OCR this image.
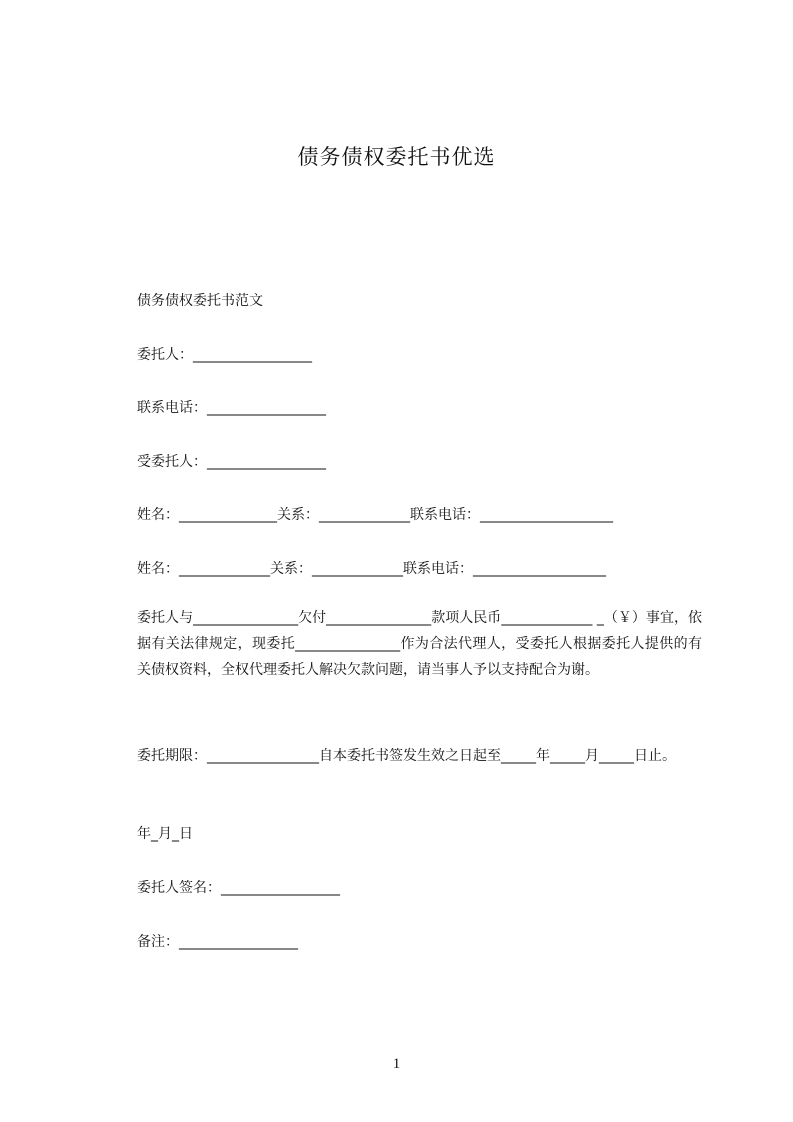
债务债权委托书优选
债务债权委托书范文
委托人：_________________
联系电话：_________________
受委托人：_________________
姓名：______________关系：_____________联系电话：___________________
姓名：_____________关系：_____________联系电话：___________________
委托人与_______________欠付_______________款项人民币_____________ _（￥）事宜，依据有关法律规定，现委托_______________作为合法代理人，受委托人根据委托人提供的有关债权资料，全权代理委托人解决欠款问题，请当事人予以支持配合为谢。
委托期限：________________自本委托书签发生效之日起至_____年_____月_____日止。
年_月_日
委托人签名：_________________
备注：_________________
1
